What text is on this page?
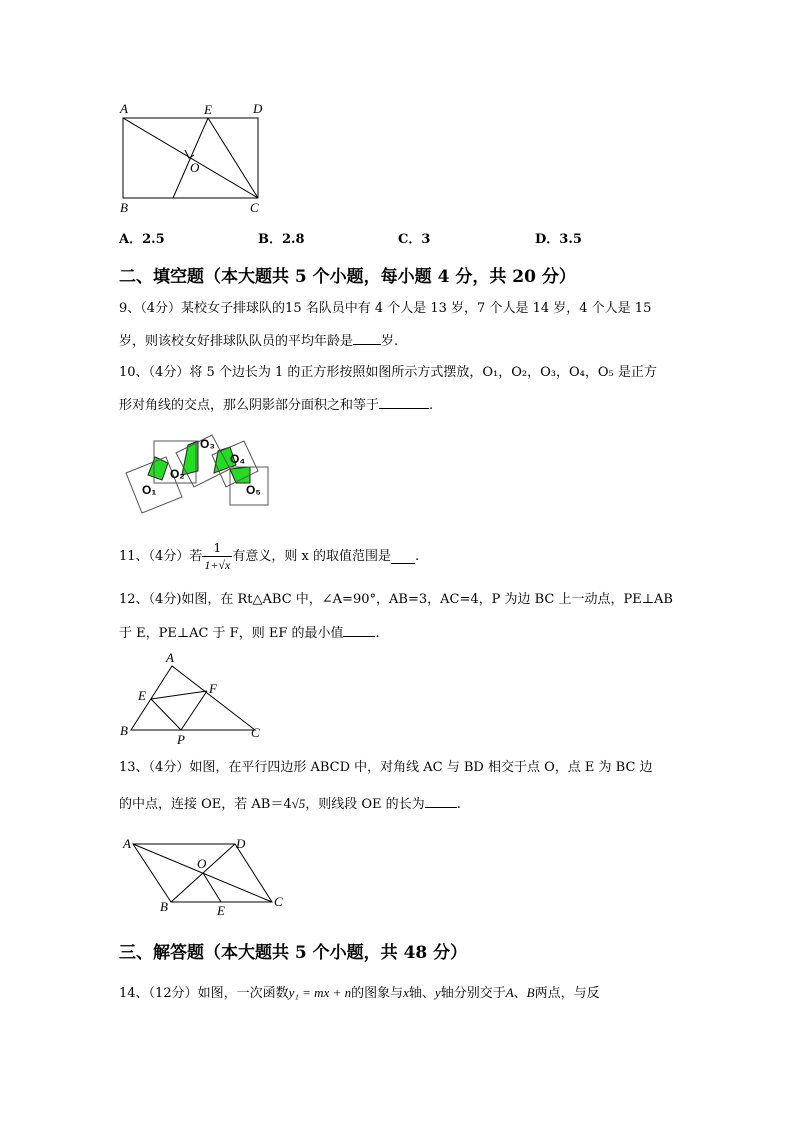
A	E	D
O
B	C
A．2.5	B．2.8	C．3	D．3.5
二、填空题（本大题共 5 个小题，每小题 4 分，共 20 分）
9、（4分）某校女子排球队的15 名队员中有 4 个人是 13 岁，7 个人是 14 岁，4 个人是 15
岁，则该校女好排球队队员的平均年龄是 岁.
10、（4分）将 5 个边长为 1 的正方形按照如图所示方式摆放，O₁，O₂，O₃，O₄，O₅ 是正方
形对角线的交点，那么阴影部分面积之和等于	.
O₁
O₂
O₃
O₄
O₅
11、（4分）若 $\frac{1}{1+√x}$ 有意义，则 x 的取值范围是 .
12、（4分)如图，在 Rt△ABC 中，∠A=90°，AB=3，AC=4，P 为边 BC 上一动点，PE⊥AB
于 E，PE⊥AC 于 F，则 EF 的最小值 .
A
E	F
B
P	C
13、（4分）如图，在平行四边形 ABCD 中，对角线 AC 与 BD 相交于点 O，点 E 为 BC 边
的中点，连接 OE，若 AB＝4√5，则线段 OE 的长为 .
A	D
O
B	E
C
三、解答题（本大题共 5 个小题，共 48 分）
14、（12分）如图，一次函数y₁ = mx + n的图象与x轴、y轴分别交于A、B两点，与反
